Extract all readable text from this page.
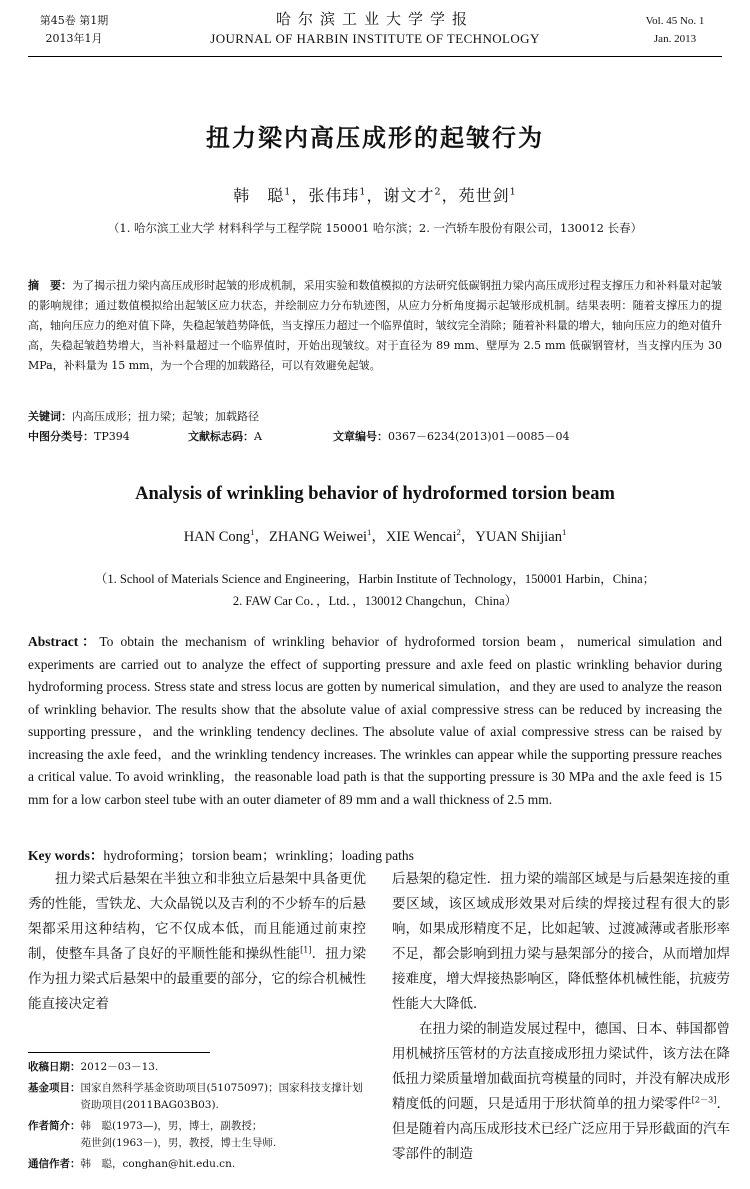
第45卷 第1期
2013年1月
哈尔滨工业大学学报
JOURNAL OF HARBIN INSTITUTE OF TECHNOLOGY
Vol. 45 No. 1
Jan. 2013
扭力梁内高压成形的起皱行为
韩　聪$^1$，张伟玮$^1$，谢文才$^2$，苑世剑$^1$
（1. 哈尔滨工业大学 材料科学与工程学院 150001 哈尔滨；2. 一汽轿车股份有限公司，130012 长春）
摘　要：为了揭示扭力梁内高压成形时起皱的形成机制，采用实验和数值模拟的方法研究低碳钢扭力梁内高压成形过程支撑压力和补料量对起皱的影响规律；通过数值模拟给出起皱区应力状态，并绘制应力分布轨迹图，从应力分析角度揭示起皱形成机制。结果表明：随着支撑压力的提高，轴向压应力的绝对值下降，失稳起皱趋势降低，当支撑压力超过一个临界值时，皱纹完全消除；随着补料量的增大，轴向压应力的绝对值升高，失稳起皱趋势增大，当补料量超过一个临界值时，开始出现皱纹。对于直径为 89 mm、壁厚为 2.5 mm 低碳钢管材，当支撑内压为 30 MPa，补料量为 15 mm，为一个合理的加载路径，可以有效避免起皱。
关键词：内高压成形；扭力梁；起皱；加载路径
中图分类号：TP394	文献标志码：A	文章编号：0367－6234(2013)01－0085－04
Analysis of wrinkling behavior of hydroformed torsion beam
HAN Cong$^1$，ZHANG Weiwei$^1$，XIE Wencai$^2$，YUAN Shijian$^1$
（1. School of Materials Science and Engineering，Harbin Institute of Technology，150001 Harbin，China；
2. FAW Car Co．，Ltd．，130012 Changchun，China）
Abstract：To obtain the mechanism of wrinkling behavior of hydroformed torsion beam，numerical simulation and experiments are carried out to analyze the effect of supporting pressure and axle feed on plastic wrinkling behavior during hydroforming process. Stress state and stress locus are gotten by numerical simulation，and they are used to analyze the reason of wrinkling behavior. The results show that the absolute value of axial compressive stress can be reduced by increasing the supporting pressure，and the wrinkling tendency declines. The absolute value of axial compressive stress can be raised by increasing the axle feed，and the wrinkling tendency increases. The wrinkles can appear while the supporting pressure reaches a critical value. To avoid wrinkling，the reasonable load path is that the supporting pressure is 30 MPa and the axle feed is 15 mm for a low carbon steel tube with an outer diameter of 89 mm and a wall thickness of 2.5 mm.
Key words：hydroforming；torsion beam；wrinkling；loading paths

扭力梁式后悬架在半独立和非独立后悬架中具备更优秀的性能，雪铁龙、大众晶锐以及吉利的不少轿车的后悬架都采用这种结构，它不仅成本低，而且能通过前束控制，使整车具备了良好的平顺性能和操纵性能[1]．扭力梁作为扭力梁式后悬架中的最重要的部分，它的综合机械性能直接决定着

后悬架的稳定性．扭力梁的端部区域是与后悬架连接的重要区域，该区域成形效果对后续的焊接过程有很大的影响，如果成形精度不足，比如起皱、过渡减薄或者胀形率不足，都会影响到扭力梁与悬架部分的接合，从而增加焊接难度，增大焊接热影响区，降低整体机械性能，抗疲劳性能大大降低．

在扭力梁的制造发展过程中，德国、日本、韩国都曾用机械挤压管材的方法直接成形扭力梁试件，该方法在降低扭力梁质量增加截面抗弯模量的同时，并没有解决成形精度低的问题，只是适用于形状简单的扭力梁零件[2－3]．但是随着内高压成形技术已经广泛应用于异形截面的汽车零部件的制造

收稿日期： 2012－03－13.
基金项目： 国家自然科学基金资助项目(51075097)；国家科技支撑计划资助项目(2011BAG03B03).
作者简介： 韩　聪(1973—)，男，博士，副教授；
苑世剑(1963－)，男，教授，博士生导师.
通信作者： 韩　聪，conghan@hit.edu.cn.
